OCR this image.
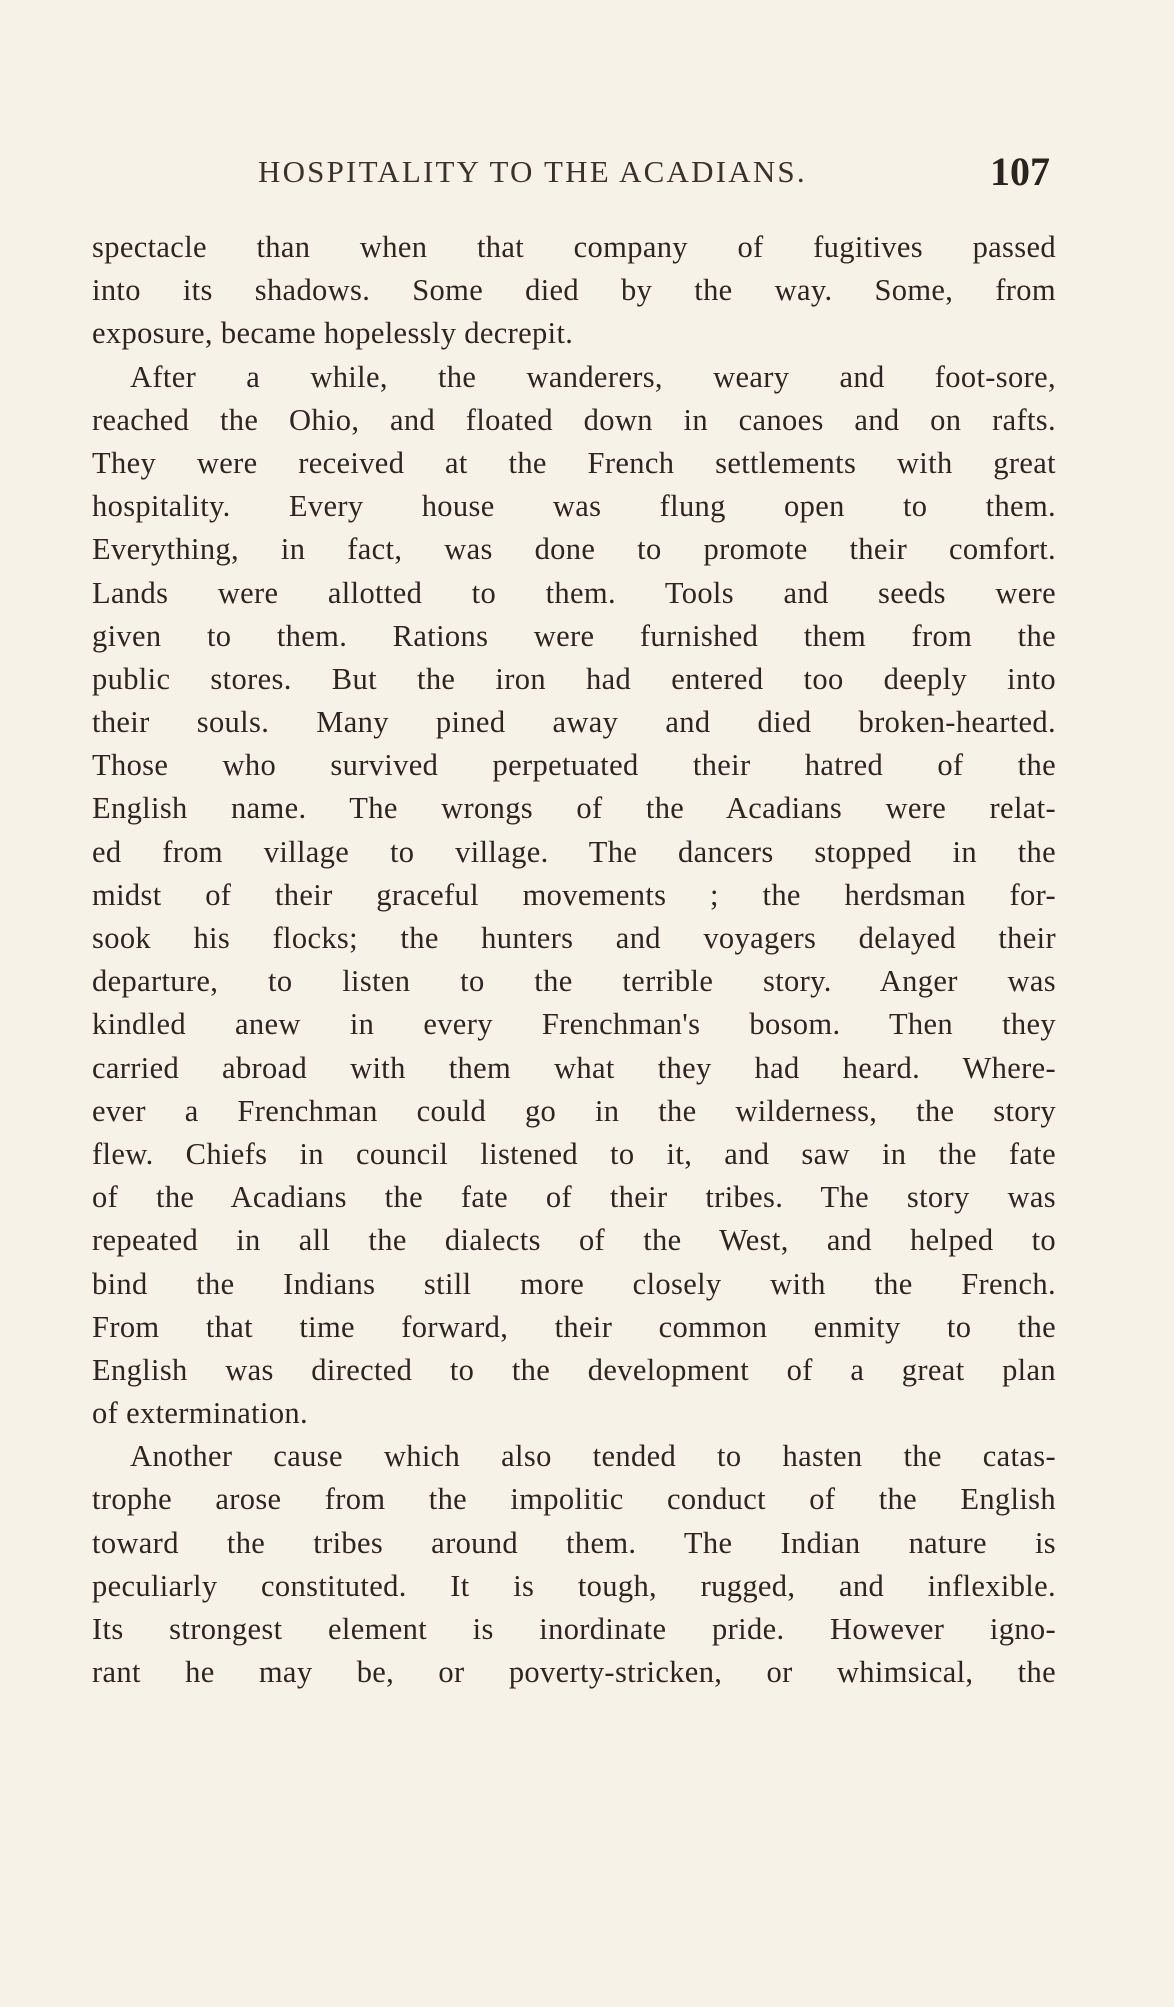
HOSPITALITY TO THE ACADIANS.	107
spectacle than when that company of fugitives passed
into its shadows. Some died by the way. Some, from
exposure, became hopelessly decrepit.
After a while, the wanderers, weary and foot-sore,
reached the Ohio, and floated down in canoes and on rafts.
They were received at the French settlements with great
hospitality. Every house was flung open to them.
Everything, in fact, was done to promote their comfort.
Lands were allotted to them. Tools and seeds were
given to them. Rations were furnished them from the
public stores. But the iron had entered too deeply into
their souls. Many pined away and died broken-hearted.
Those who survived perpetuated their hatred of the
English name. The wrongs of the Acadians were relat-
ed from village to village. The dancers stopped in the
midst of their graceful movements ; the herdsman for-
sook his flocks; the hunters and voyagers delayed their
departure, to listen to the terrible story. Anger was
kindled anew in every Frenchman's bosom. Then they
carried abroad with them what they had heard. Where-
ever a Frenchman could go in the wilderness, the story
flew. Chiefs in council listened to it, and saw in the fate
of the Acadians the fate of their tribes. The story was
repeated in all the dialects of the West, and helped to
bind the Indians still more closely with the French.
From that time forward, their common enmity to the
English was directed to the development of a great plan
of extermination.
Another cause which also tended to hasten the catas-
trophe arose from the impolitic conduct of the English
toward the tribes around them. The Indian nature is
peculiarly constituted. It is tough, rugged, and inflexible.
Its strongest element is inordinate pride. However igno-
rant he may be, or poverty-stricken, or whimsical, the
